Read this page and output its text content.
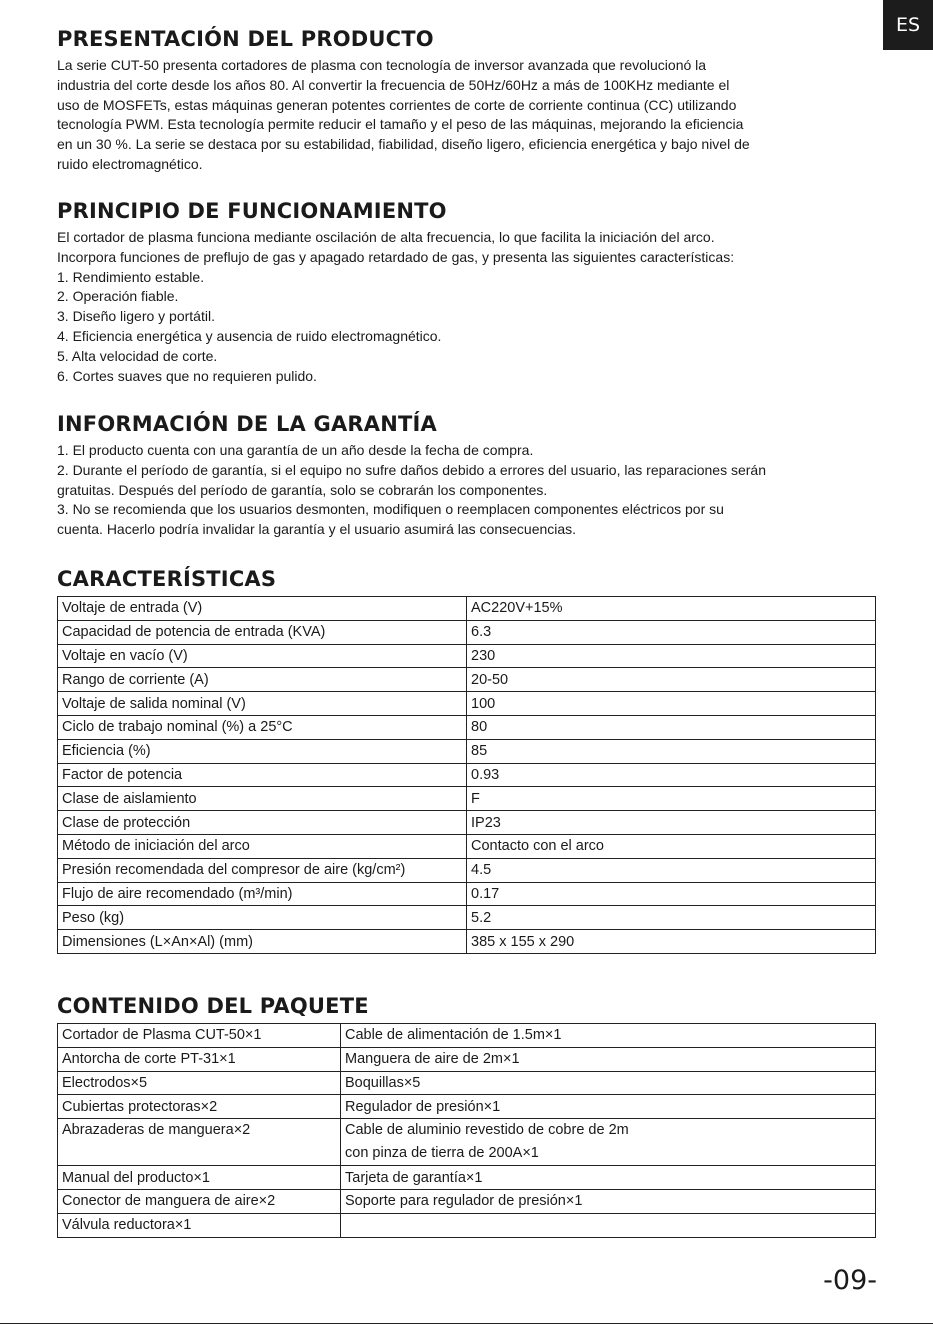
ES
PRESENTACIÓN DEL PRODUCTO
La serie CUT-50 presenta cortadores de plasma con tecnología de inversor avanzada que revolucionó la
industria del corte desde los años 80. Al convertir la frecuencia de 50Hz/60Hz a más de 100KHz mediante el
uso de MOSFETs, estas máquinas generan potentes corrientes de corte de corriente continua (CC) utilizando
tecnología PWM. Esta tecnología permite reducir el tamaño y el peso de las máquinas, mejorando la eficiencia
en un 30 %. La serie se destaca por su estabilidad, fiabilidad, diseño ligero, eficiencia energética y bajo nivel de
ruido electromagnético.
PRINCIPIO DE FUNCIONAMIENTO
El cortador de plasma funciona mediante oscilación de alta frecuencia, lo que facilita la iniciación del arco.
Incorpora funciones de preflujo de gas y apagado retardado de gas, y presenta las siguientes características:
1. Rendimiento estable.
2. Operación fiable.
3. Diseño ligero y portátil.
4. Eficiencia energética y ausencia de ruido electromagnético.
5. Alta velocidad de corte.
6. Cortes suaves que no requieren pulido.
INFORMACIÓN DE LA GARANTÍA
1. El producto cuenta con una garantía de un año desde la fecha de compra.
2. Durante el período de garantía, si el equipo no sufre daños debido a errores del usuario, las reparaciones serán
gratuitas. Después del período de garantía, solo se cobrarán los componentes.
3. No se recomienda que los usuarios desmonten, modifiquen o reemplacen componentes eléctricos por su
cuenta. Hacerlo podría invalidar la garantía y el usuario asumirá las consecuencias.
CARACTERÍSTICAS
Voltaje de entrada (V)	AC220V+15%
Capacidad de potencia de entrada (KVA)	6.3
Voltaje en vacío (V)	230
Rango de corriente (A)	20-50
Voltaje de salida nominal (V)	100
Ciclo de trabajo nominal (%) a 25°C	80
Eficiencia (%)	85
Factor de potencia	0.93
Clase de aislamiento	F
Clase de protección	IP23
Método de iniciación del arco	Contacto con el arco
Presión recomendada del compresor de aire (kg/cm²)	4.5
Flujo de aire recomendado (m³/min)	0.17
Peso (kg)	5.2
Dimensiones (L×An×Al) (mm)	385 x 155 x 290
CONTENIDO DEL PAQUETE
Cortador de Plasma CUT-50×1	Cable de alimentación de 1.5m×1
Antorcha de corte PT-31×1	Manguera de aire de 2m×1
Electrodos×5	Boquillas×5
Cubiertas protectoras×2	Regulador de presión×1
Abrazaderas de manguera×2	Cable de aluminio revestido de cobre de 2m
con pinza de tierra de 200A×1
Manual del producto×1	Tarjeta de garantía×1
Conector de manguera de aire×2	Soporte para regulador de presión×1
Válvula reductora×1	
-09-
